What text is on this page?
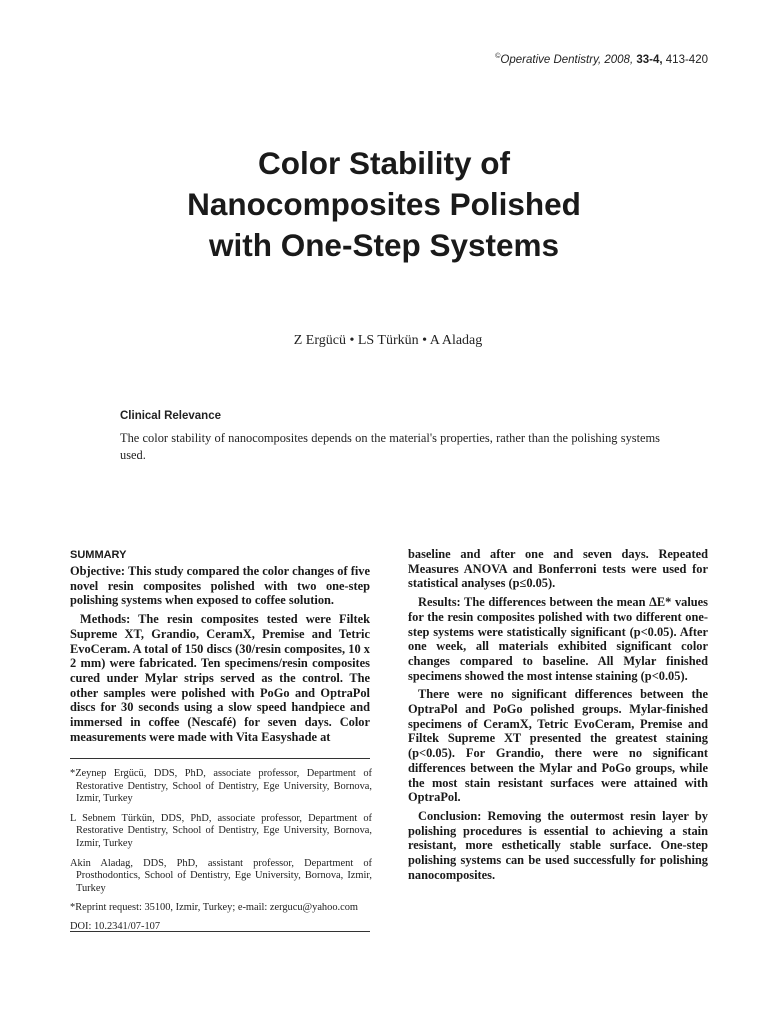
©Operative Dentistry, 2008, 33-4, 413-420
Color Stability of
Nanocomposites Polished
with One-Step Systems
Z Ergücü • LS Türkün • A Aladag
Clinical Relevance

The color stability of nanocomposites depends on the material's properties, rather than the polishing systems used.

SUMMARY

Objective: This study compared the color changes of five novel resin composites polished with two one-step polishing systems when exposed to coffee solution.

Methods: The resin composites tested were Filtek Supreme XT, Grandio, CeramX, Premise and Tetric EvoCeram. A total of 150 discs (30/resin composites, 10 x 2 mm) were fabricated. Ten specimens/resin composites cured under Mylar strips served as the control. The other samples were polished with PoGo and OptraPol discs for 30 seconds using a slow speed handpiece and immersed in coffee (Nescafé) for seven days. Color measurements were made with Vita Easyshade at

baseline and after one and seven days. Repeated Measures ANOVA and Bonferroni tests were used for statistical analyses (p≤0.05).

Results: The differences between the mean ΔE* values for the resin composites polished with two different one-step systems were statistically significant (p<0.05). After one week, all materials exhibited significant color changes compared to baseline. All Mylar finished specimens showed the most intense staining (p<0.05).

There were no significant differences between the OptraPol and PoGo polished groups. Mylar-finished specimens of CeramX, Tetric EvoCeram, Premise and Filtek Supreme XT presented the greatest staining (p<0.05). For Grandio, there were no significant differences between the Mylar and PoGo groups, while the most stain resistant surfaces were attained with OptraPol.

Conclusion: Removing the outermost resin layer by polishing procedures is essential to achieving a stain resistant, more esthetically stable surface. One-step polishing systems can be used successfully for polishing nanocomposites.

*Zeynep Ergücü, DDS, PhD, associate professor, Department of Restorative Dentistry, School of Dentistry, Ege University, Bornova, Izmir, Turkey

L Sebnem Türkün, DDS, PhD, associate professor, Department of Restorative Dentistry, School of Dentistry, Ege University, Bornova, Izmir, Turkey

Akin Aladag, DDS, PhD, assistant professor, Department of Prosthodontics, School of Dentistry, Ege University, Bornova, Izmir, Turkey

*Reprint request: 35100, Izmir, Turkey; e-mail: zergucu@yahoo.com

DOI: 10.2341/07-107
